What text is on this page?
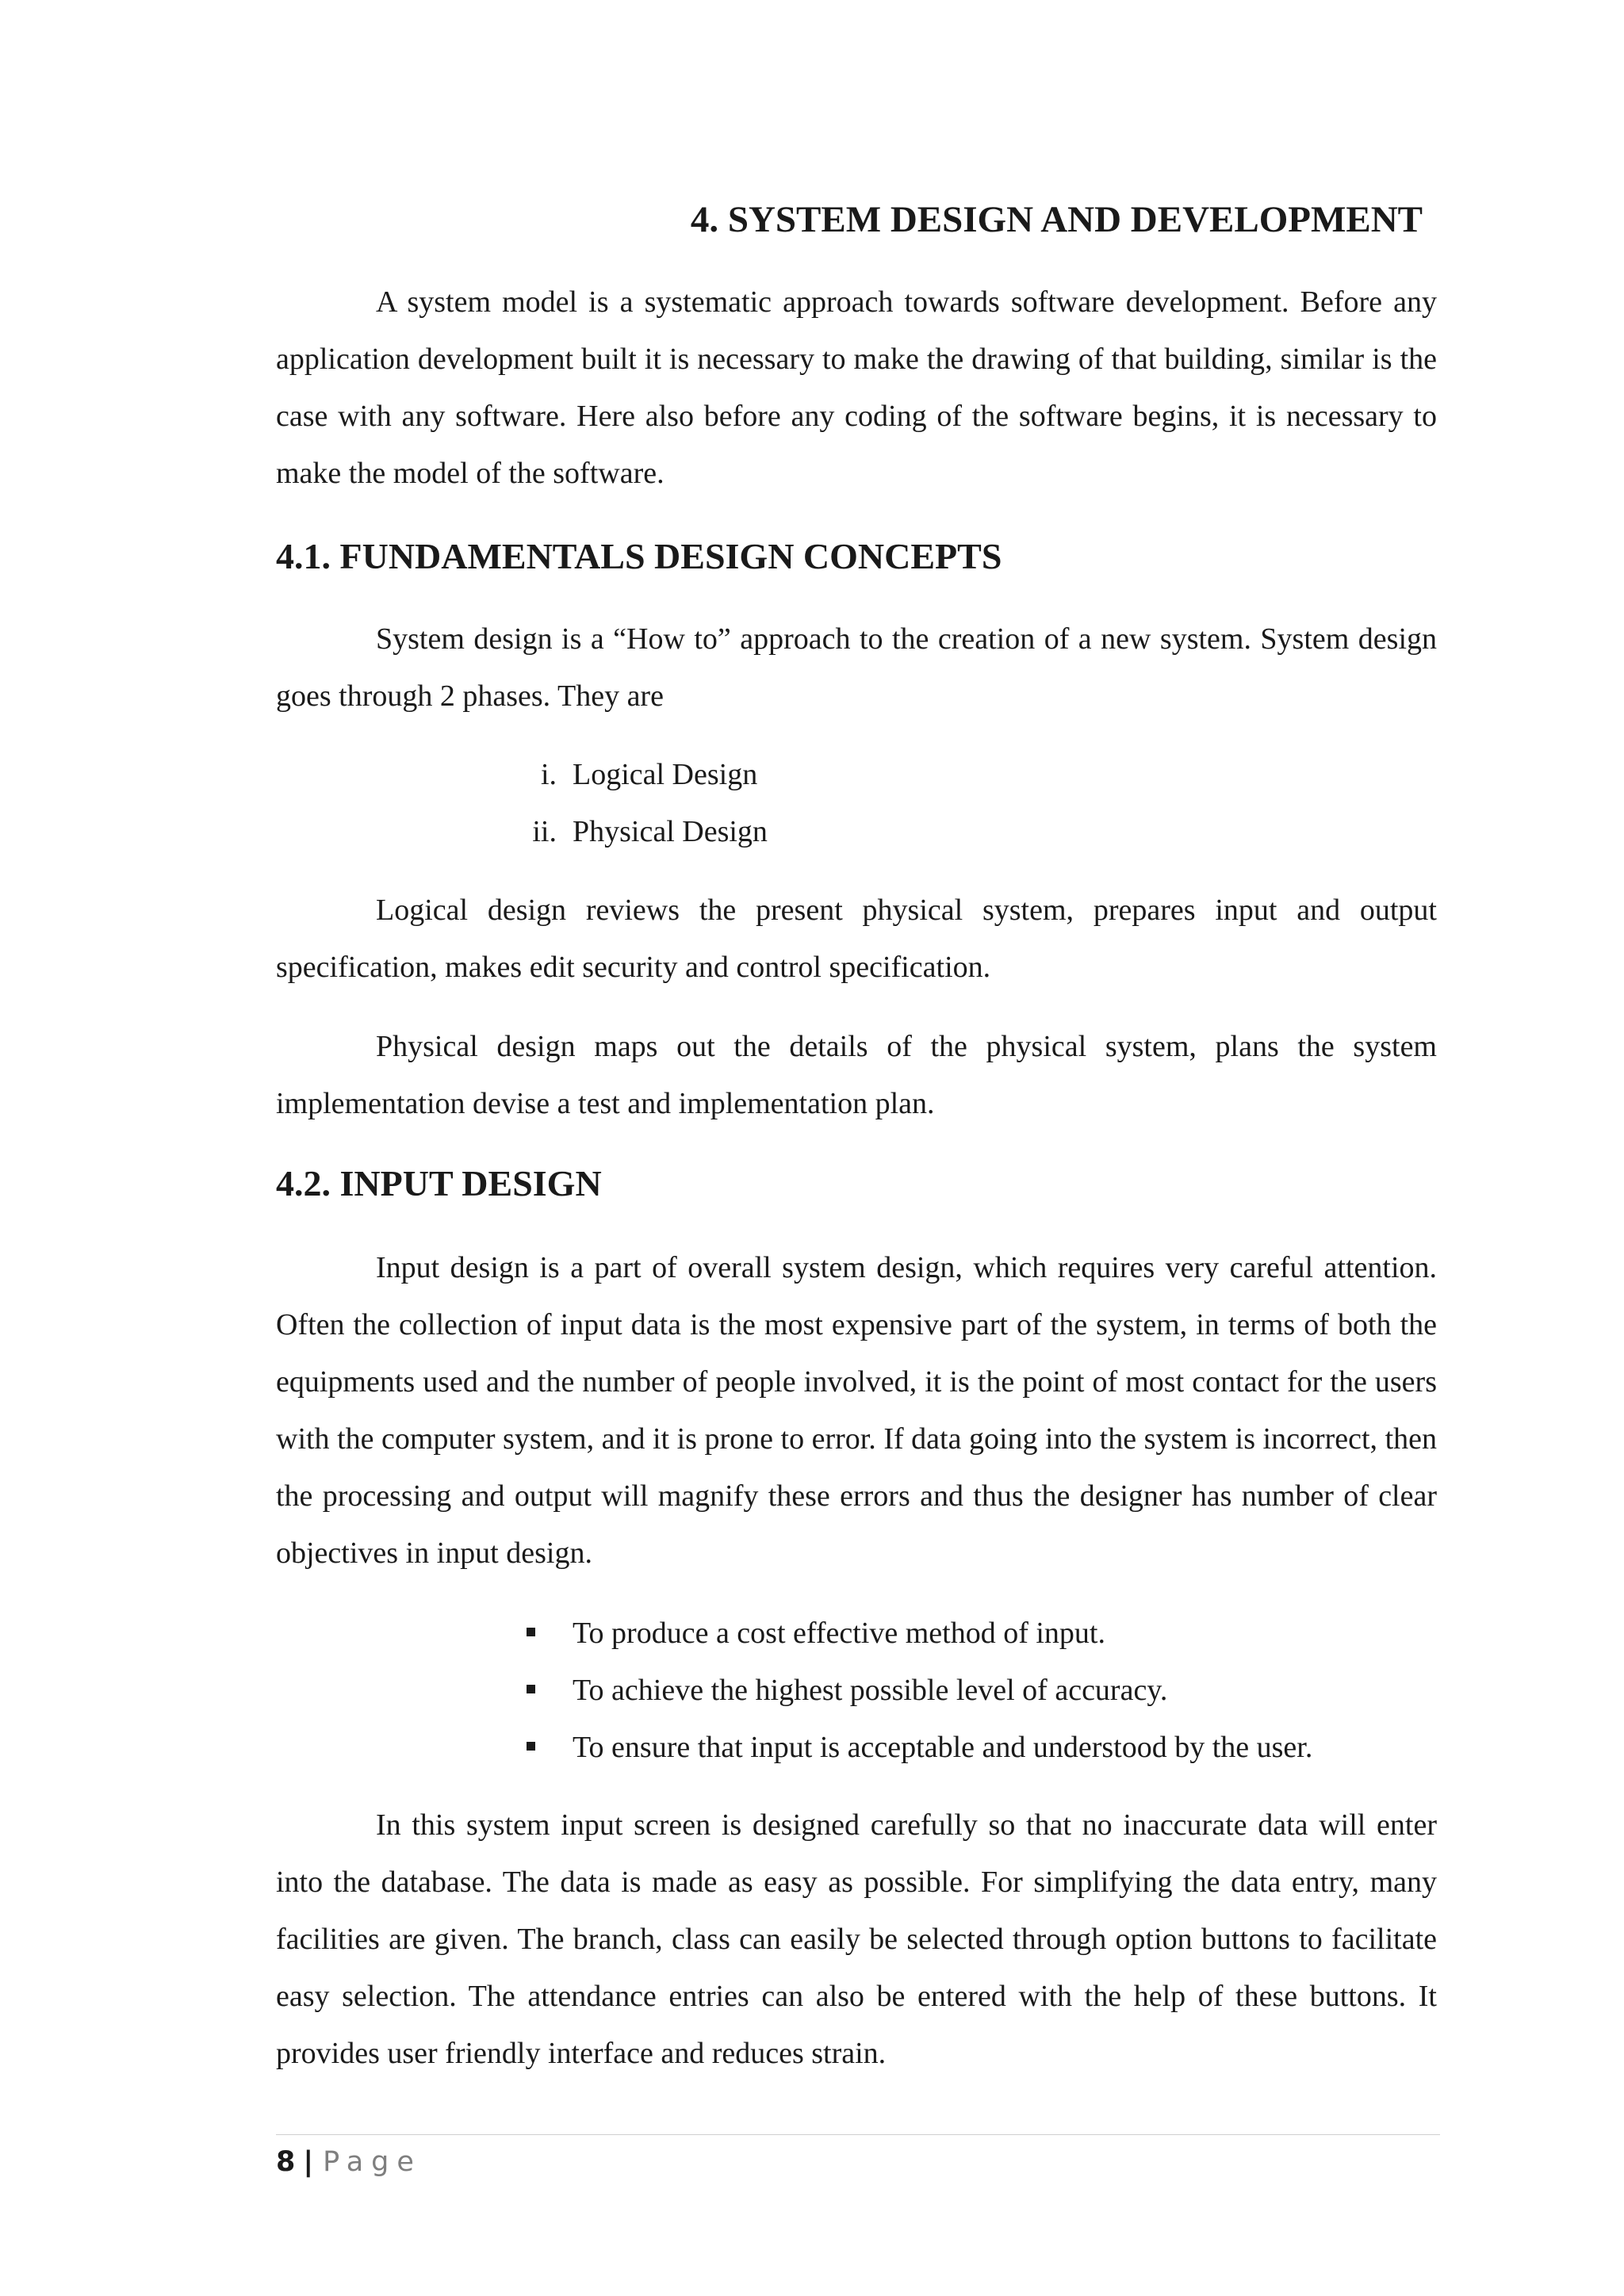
4. SYSTEM DESIGN AND DEVELOPMENT

A system model is a systematic approach towards software development. Before any application development built it is necessary to make the drawing of that building, similar is the case with any software. Here also before any coding of the software begins, it is necessary to make the model of the software.

4.1. FUNDAMENTALS DESIGN CONCEPTS

System design is a “How to” approach to the creation of a new system. System design goes through 2 phases. They are

i. Logical Design
ii. Physical Design

Logical design reviews the present physical system, prepares input and output specification, makes edit security and control specification.

Physical design maps out the details of the physical system, plans the system implementation devise a test and implementation plan.

4.2. INPUT DESIGN

Input design is a part of overall system design, which requires very careful attention. Often the collection of input data is the most expensive part of the system, in terms of both the equipments used and the number of people involved, it is the point of most contact for the users with the computer system, and it is prone to error. If data going into the system is incorrect, then the processing and output will magnify these errors and thus the designer has number of clear objectives in input design.

To produce a cost effective method of input.
To achieve the highest possible level of accuracy.
To ensure that input is acceptable and understood by the user.

In this system input screen is designed carefully so that no inaccurate data will enter into the database. The data is made as easy as possible. For simplifying the data entry, many facilities are given. The branch, class can easily be selected through option buttons to facilitate easy selection. The attendance entries can also be entered with the help of these buttons. It provides user friendly interface and reduces strain.

8 | Page
